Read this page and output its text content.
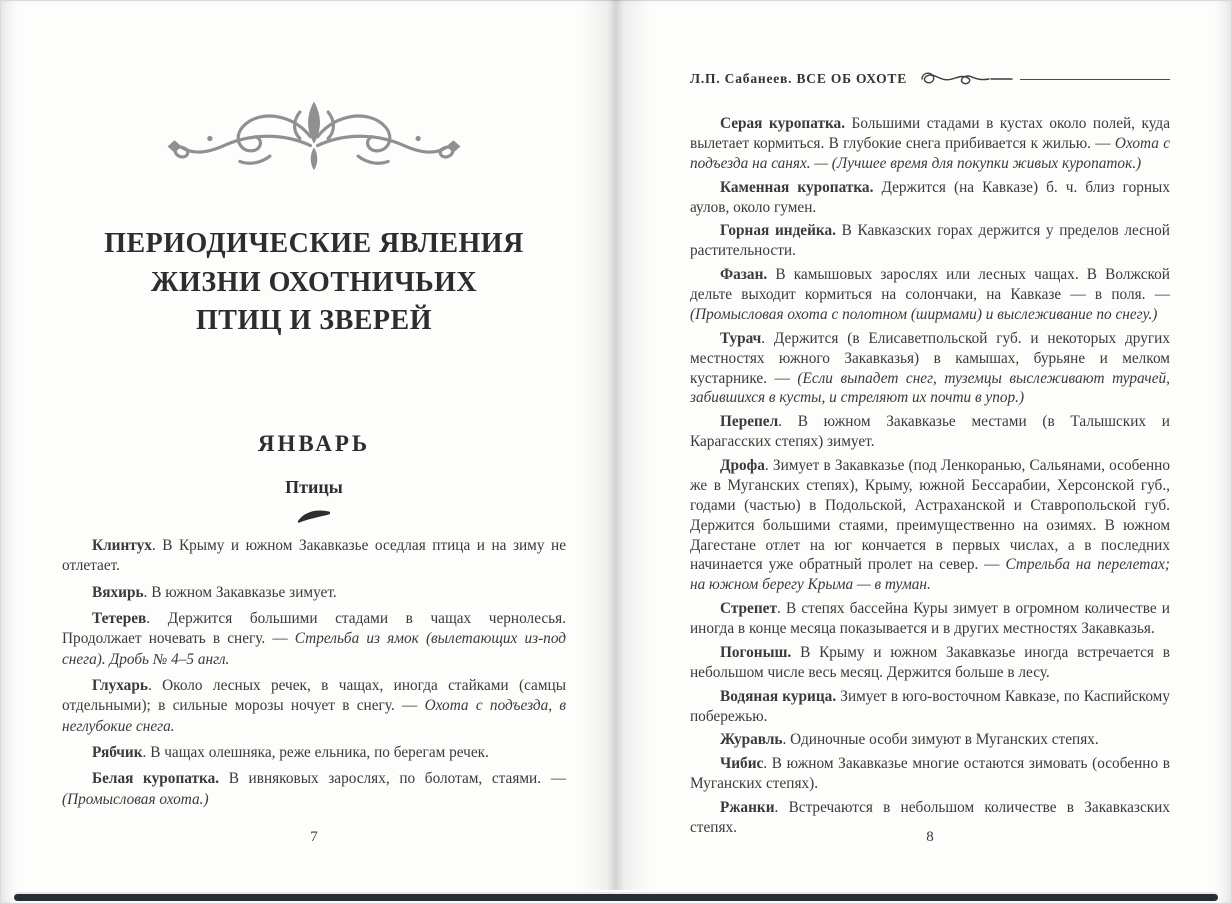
ПЕРИОДИЧЕСКИЕ ЯВЛЕНИЯ
ЖИЗНИ ОХОТНИЧЬИХ
ПТИЦ И ЗВЕРЕЙ
ЯНВАРЬ
Птицы

Клинтух. В Крыму и южном Закавказье оседлая птица и на зиму не отлетает.

Вяхирь. В южном Закавказье зимует.

Тетерев. Держится большими стадами в чащах чернолесья. Продолжает ночевать в снегу. — Стрельба из ямок (вылетающих из-под снега). Дробь № 4–5 англ.

Глухарь. Около лесных речек, в чащах, иногда стайками (самцы отдельными); в сильные морозы ночует в снегу. — Охота с подъезда, в неглубокие снега.

Рябчик. В чащах олешняка, реже ельника, по берегам речек.

Белая куропатка. В ивняковых зарослях, по болотам, стаями. — (Промысловая охота.)

7
Л.П. Сабанеев. ВСЕ ОБ ОХОТЕ

Серая куропатка. Большими стадами в кустах около полей, куда вылетает кормиться. В глубокие снега прибивается к жилью. — Охота с подъезда на санях. — (Лучшее время для покупки живых куропаток.)

Каменная куропатка. Держится (на Кавказе) б. ч. близ горных аулов, около гумен.

Горная индейка. В Кавказских горах держится у пределов лесной растительности.

Фазан. В камышовых зарослях или лесных чащах. В Волжской дельте выходит кормиться на солончаки, на Кавказе — в поля. — (Промысловая охота с полотном (ширмами) и выслеживание по снегу.)

Турач. Держится (в Елисаветпольской губ. и некоторых других местностях южного Закавказья) в камышах, бурьяне и мелком кустарнике. — (Если выпадет снег, туземцы выслеживают турачей, забившихся в кусты, и стреляют их почти в упор.)

Перепел. В южном Закавказье местами (в Талышских и Карагасских степях) зимует.

Дрофа. Зимует в Закавказье (под Ленкоранью, Сальянами, особенно же в Муганских степях), Крыму, южной Бессарабии, Херсонской губ., годами (частью) в Подольской, Астраханской и Ставропольской губ. Держится большими стаями, преимущественно на озимях. В южном Дагестане отлет на юг кончается в первых числах, а в последних начинается уже обратный пролет на север. — Стрельба на перелетах; на южном берегу Крыма — в туман.

Стрепет. В степях бассейна Куры зимует в огромном количестве и иногда в конце месяца показывается и в других местностях Закавказья.

Погоныш. В Крыму и южном Закавказье иногда встречается в небольшом числе весь месяц. Держится больше в лесу.

Водяная курица. Зимует в юго-восточном Кавказе, по Каспийскому побережью.

Журавль. Одиночные особи зимуют в Муганских степях.

Чибис. В южном Закавказье многие остаются зимовать (особенно в Муганских степях).

Ржанки. Встречаются в небольшом количестве в Закавказских степях.

8
